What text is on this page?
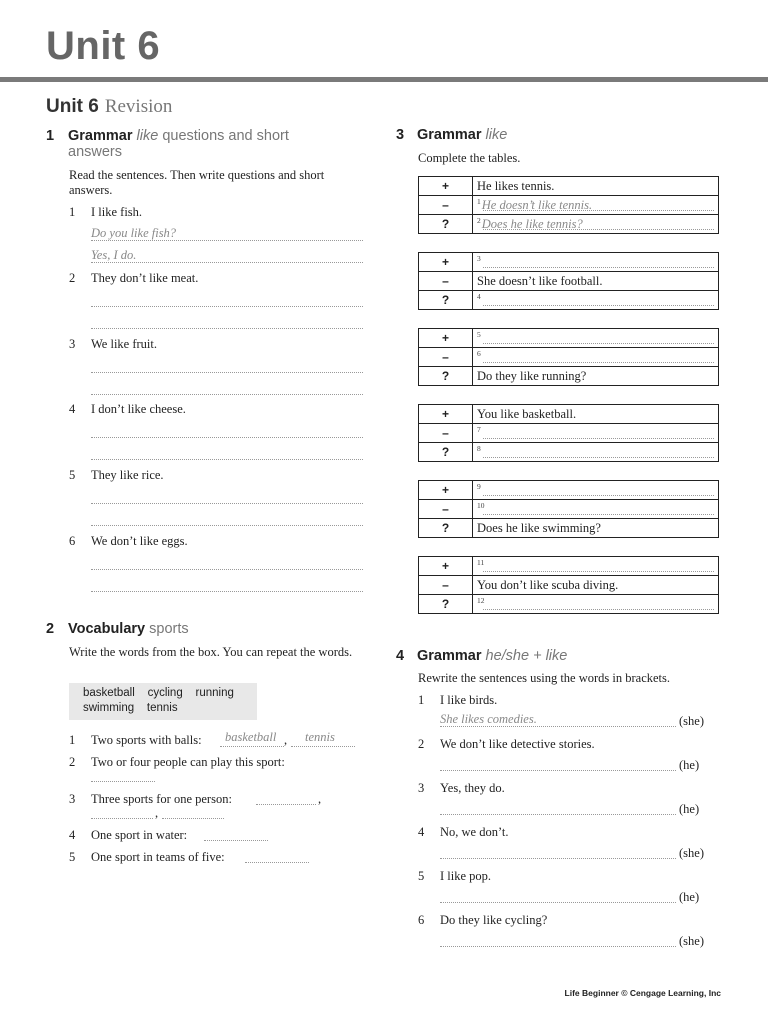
Unit 6
Unit 6 Revision
1 Grammar like questions and short
answers
Read the sentences. Then write questions and short answers.
1 I like fish.
Do you like fish?
Yes, I do.
2 They don’t like meat.
3 We like fruit.
4 I don’t like cheese.
5 They like rice.
6 We don’t like eggs.
2 Vocabulary sports
Write the words from the box. You can repeat the words.
basketball    cycling    running
swimming    tennis
1 Two sports with balls:	basketball , tennis
2 Two or four people can play this sport:
3 Three sports for one person:	,
,
4 One sport in water:
5 One sport in teams of five:
3 Grammar like
Complete the tables.
+	He likes tennis.
–	$^1$He doesn’t like tennis.

?	$^2$Does he like tennis?
+	$^3$

–	She doesn’t like football.
?	$^4$
+	$^5$

–	$^6$

?	Do they like running?
+	You like basketball.
–	$^7$

?	$^8$
+	$^9$

–	$^{10}$

?	Does he like swimming?
+	$^{11}$

–	You don’t like scuba diving.
?	$^{12}$
4 Grammar he/she + like
Rewrite the sentences using the words in brackets.
1 I like birds.
She likes comedies.	(she)
2 We don’t like detective stories.
(he)
3 Yes, they do.
(he)
4 No, we don’t.
(she)
5 I like pop.
(he)
6 Do they like cycling?
(she)
Life Beginner © Cengage Learning, Inc
